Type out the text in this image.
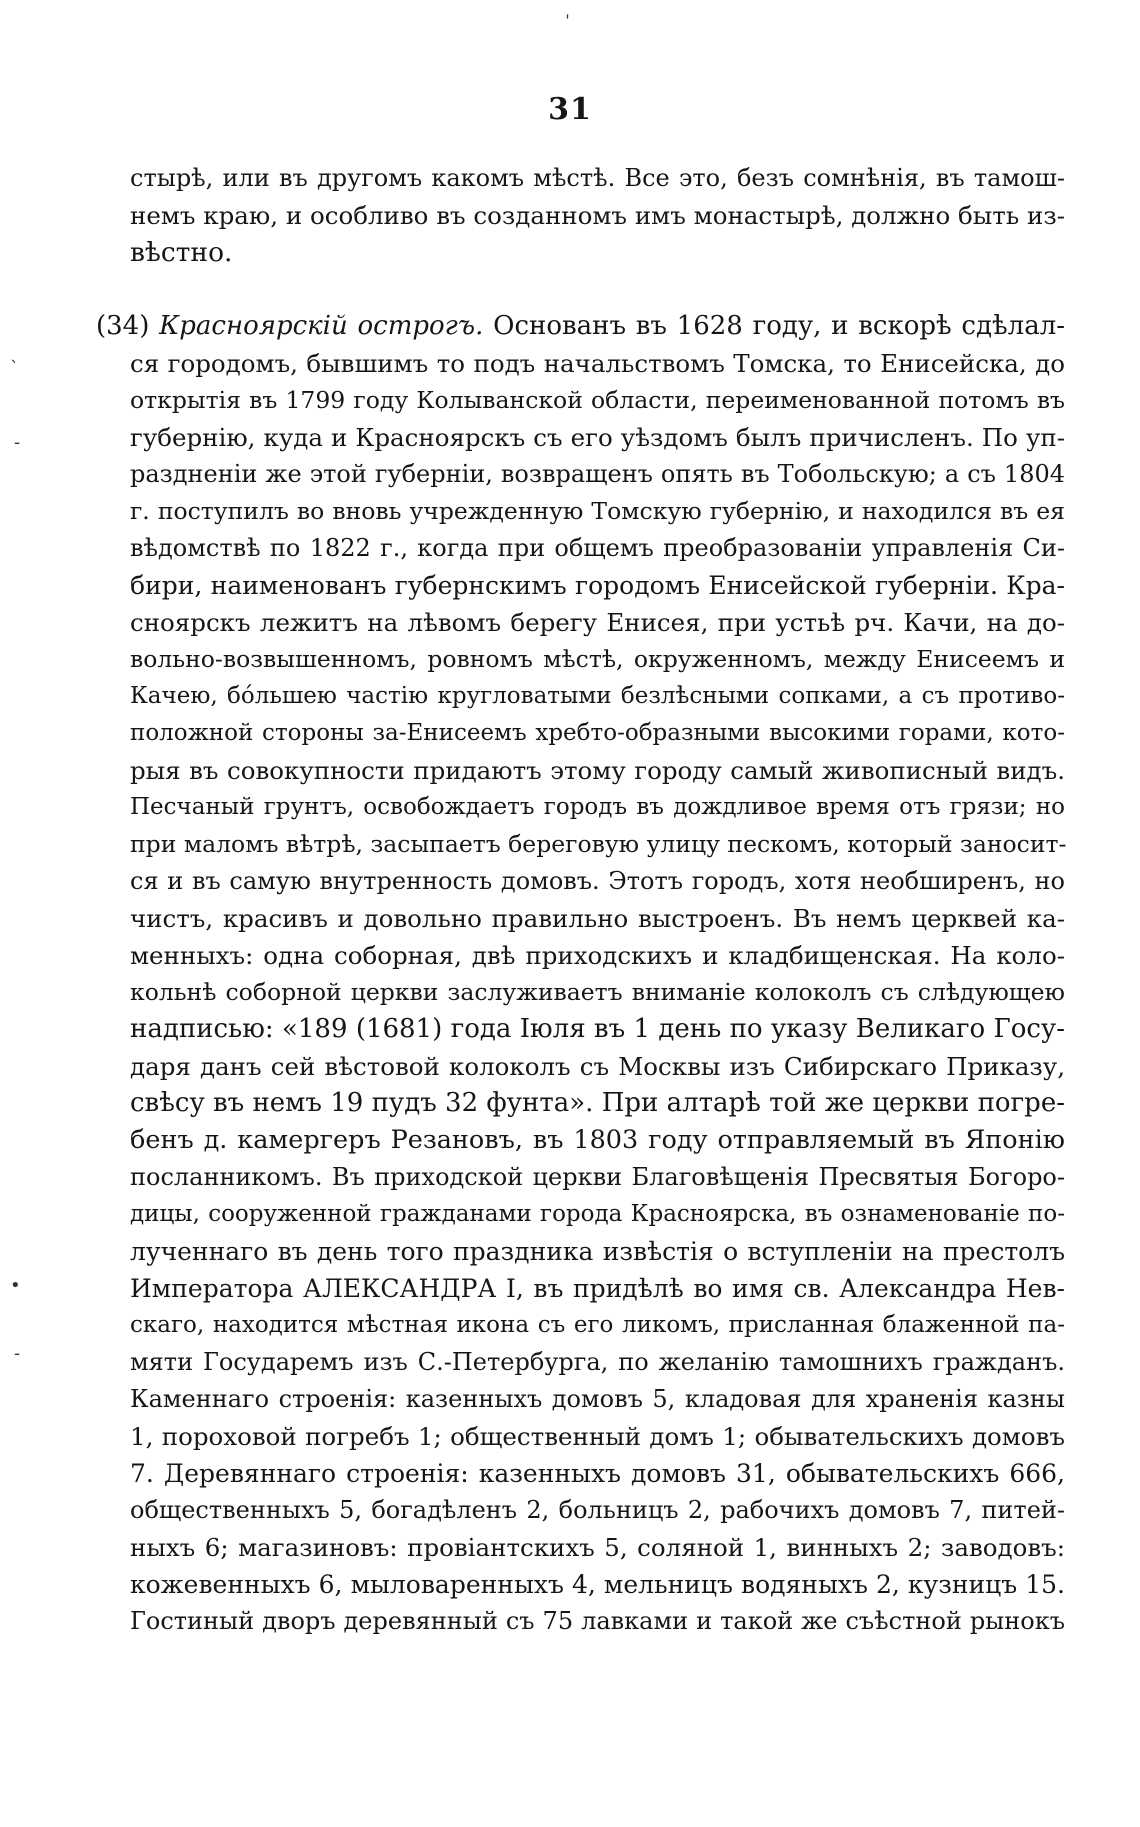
ˈ
ˋ
-
•
-
31
стырѣ, или въ другомъ какомъ мѣстѣ. Все это, безъ сомнѣнія, въ тамош-
немъ краю, и особливо въ созданномъ имъ монастырѣ, должно быть из-
вѣстно.
(34) Красноярскій острогъ. Основанъ въ 1628 году, и вскорѣ сдѣлал-
ся городомъ, бывшимъ то подъ начальствомъ Томска, то Енисейска, до
открытія въ 1799 году Колыванской области, переименованной потомъ въ
губернію, куда и Красноярскъ съ его уѣздомъ былъ причисленъ. По уп-
раздненіи же этой губерніи, возвращенъ опять въ Тобольскую; а съ 1804
г. поступилъ во вновь учрежденную Томскую губернію, и находился въ ея
вѣдомствѣ по 1822 г., когда при общемъ преобразованіи управленія Си-
бири, наименованъ губернскимъ городомъ Енисейской губерніи. Кра-
сноярскъ лежитъ на лѣвомъ берегу Енисея, при устьѣ рч. Качи, на до-
вольно-возвышенномъ, ровномъ мѣстѣ, окруженномъ, между Енисеемъ и
Качею, бо́льшею частію кругловатыми безлѣсными сопками, а съ противо-
положной стороны за-Енисеемъ хребто-образными высокими горами, кото-
рыя въ совокупности придаютъ этому городу самый живописный видъ.
Песчаный грунтъ, освобождаетъ городъ въ дождливое время отъ грязи; но
при маломъ вѣтрѣ, засыпаетъ береговую улицу пескомъ, который заносит-
ся и въ самую внутренность домовъ. Этотъ городъ, хотя необширенъ, но
чистъ, красивъ и довольно правильно выстроенъ. Въ немъ церквей ка-
менныхъ: одна соборная, двѣ приходскихъ и кладбищенская. На коло-
кольнѣ соборной церкви заслуживаетъ вниманіе колоколъ съ слѣдующею
надписью: «189 (1681) года Іюля въ 1 день по указу Великаго Госу-
даря данъ сей вѣстовой колоколъ съ Москвы изъ Сибирскаго Приказу,
свѣсу въ немъ 19 пудъ 32 фунта». При алтарѣ той же церкви погре-
бенъ д. камергеръ Резановъ, въ 1803 году отправляемый въ Японію
посланникомъ. Въ приходской церкви Благовѣщенія Пресвятыя Богоро-
дицы, сооруженной гражданами города Красноярска, въ ознаменованіе по-
лученнаго въ день того праздника извѣстія о вступленіи на престолъ
Императора АЛЕКСАНДРА I, въ придѣлѣ во имя св. Александра Нев-
скаго, находится мѣстная икона съ его ликомъ, присланная блаженной па-
мяти Государемъ изъ С.-Петербурга, по желанію тамошнихъ гражданъ.
Каменнаго строенія: казенныхъ домовъ 5, кладовая для храненія казны
1, пороховой погребъ 1; общественный домъ 1; обывательскихъ домовъ
7. Деревяннаго строенія: казенныхъ домовъ 31, обывательскихъ 666,
общественныхъ 5, богадѣленъ 2, больницъ 2, рабочихъ домовъ 7, питей-
ныхъ 6; магазиновъ: провіантскихъ 5, соляной 1, винныхъ 2; заводовъ:
кожевенныхъ 6, мыловаренныхъ 4, мельницъ водяныхъ 2, кузницъ 15.
Гостиный дворъ деревянный съ 75 лавками и такой же съѣстной рынокъ
